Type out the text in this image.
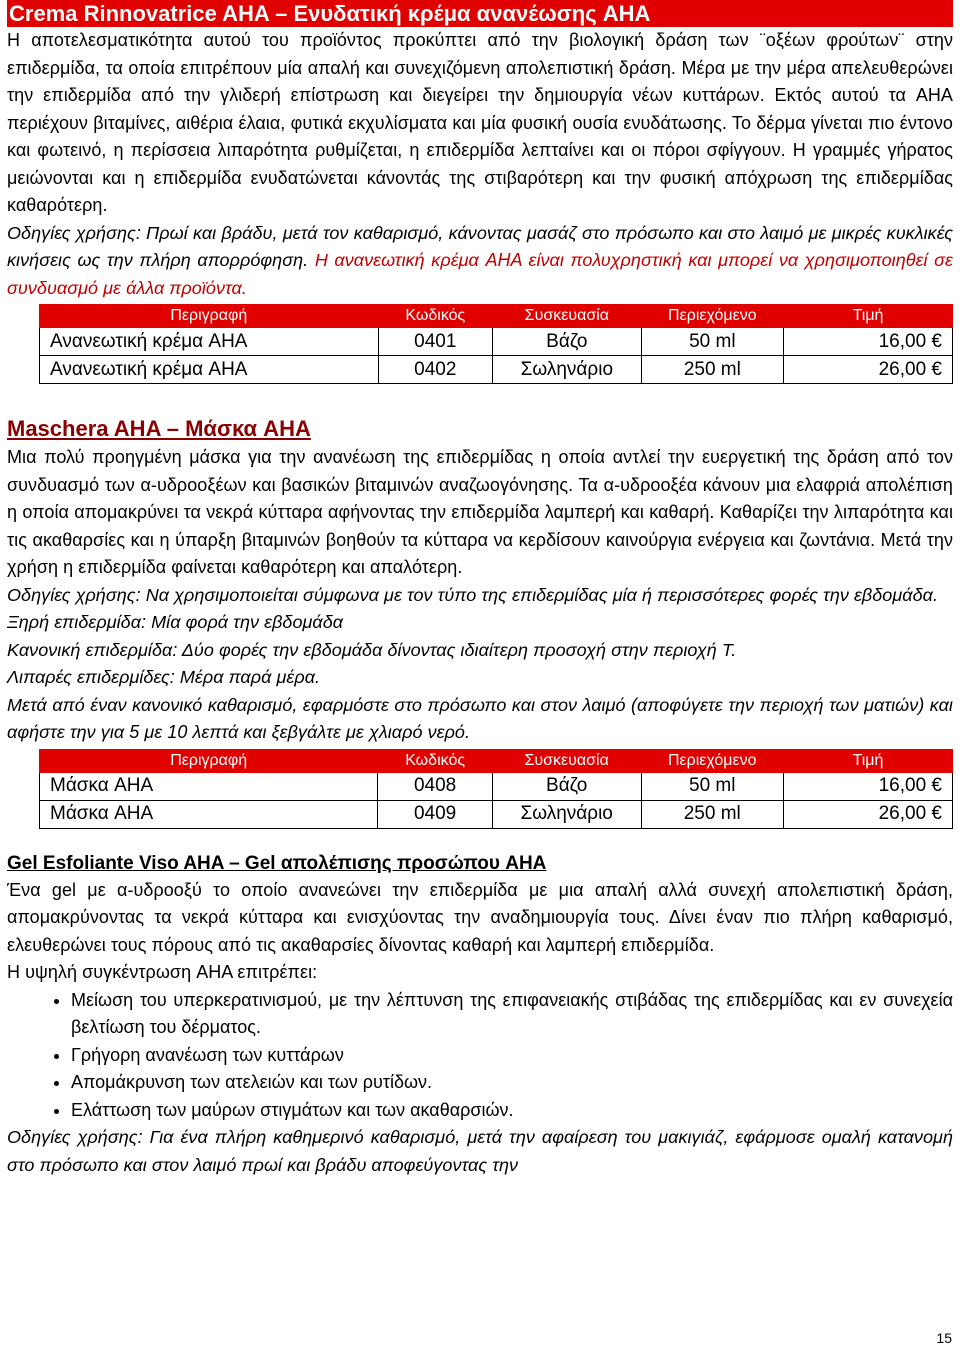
Crema Rinnovatrice AHA – Ενυδατική κρέμα ανανέωσης AHA

Η αποτελεσματικότητα αυτού του προϊόντος προκύπτει από την βιολογική δράση των ¨οξέων φρούτων¨ στην επιδερμίδα, τα οποία επιτρέπουν μία απαλή και συνεχιζόμενη απολεπιστική δράση. Μέρα με την μέρα απελευθερώνει την επιδερμίδα από την γλιδερή επίστρωση και διεγείρει την δημιουργία νέων κυττάρων. Εκτός αυτού τα AHA περιέχουν βιταμίνες, αιθέρια έλαια, φυτικά εκχυλίσματα και μία φυσική ουσία ενυδάτωσης. Το δέρμα γίνεται πιο έντονο και φωτεινό, η περίσσεια λιπαρότητα ρυθμίζεται, η επιδερμίδα λεπταίνει και οι πόροι σφίγγουν. Η γραμμές γήρατος μειώνονται και η επιδερμίδα ενυδατώνεται κάνοντάς της στιβαρότερη και την φυσική απόχρωση της επιδερμίδας καθαρότερη.

Οδηγίες χρήσης: Πρωί και βράδυ, μετά τον καθαρισμό, κάνοντας μασάζ στο πρόσωπο και στο λαιμό με μικρές κυκλικές κινήσεις ως την πλήρη απορρόφηση. Η ανανεωτική κρέμα AHA είναι πολυχρηστική και μπορεί να χρησιμοποιηθεί σε συνδυασμό με άλλα προϊόντα.

Περιγραφή	Κωδικός	Συσκευασία	Περιεχόμενο	Τιμή
Ανανεωτική κρέμα AHA	0401	Βάζο	50 ml	16,00 €
Ανανεωτική κρέμα AHA	0402	Σωληνάριο	250 ml	26,00 €

Maschera AHA – Μάσκα AHA

Μια πολύ προηγμένη μάσκα για την ανανέωση της επιδερμίδας η οποία αντλεί την ευεργετική της δράση από τον συνδυασμό των α-υδροοξέων και βασικών βιταμινών αναζωογόνησης. Τα α-υδροοξέα κάνουν μια ελαφριά απολέπιση η οποία απομακρύνει τα νεκρά κύτταρα αφήνοντας την επιδερμίδα λαμπερή και καθαρή. Καθαρίζει την λιπαρότητα και τις ακαθαρσίες και η ύπαρξη βιταμινών βοηθούν τα κύτταρα να κερδίσουν καινούργια ενέργεια και ζωντάνια. Μετά την χρήση η επιδερμίδα φαίνεται καθαρότερη και απαλότερη.

Οδηγίες χρήσης: Να χρησιμοποιείται σύμφωνα με τον τύπο της επιδερμίδας μία ή περισσότερες φορές την εβδομάδα.

Ξηρή επιδερμίδα: Μία φορά την εβδομάδα

Κανονική επιδερμίδα: Δύο φορές την εβδομάδα δίνοντας ιδιαίτερη προσοχή στην περιοχή Τ.

Λιπαρές επιδερμίδες: Μέρα παρά μέρα.

Μετά από έναν κανονικό καθαρισμό, εφαρμόστε στο πρόσωπο και στον λαιμό (αποφύγετε την περιοχή των ματιών) και αφήστε την για 5 με 10 λεπτά και ξεβγάλτε με χλιαρό νερό.

Περιγραφή	Κωδικός	Συσκευασία	Περιεχόμενο	Τιμή
Μάσκα AHA	0408	Βάζο	50 ml	16,00 €
Μάσκα AHA	0409	Σωληνάριο	250 ml	26,00 €

Gel Esfoliante Viso AHA – Gel απολέπισης προσώπου AHA

Ένα gel με α-υδροοξύ το οποίο ανανεώνει την επιδερμίδα με μια απαλή αλλά συνεχή απολεπιστική δράση, απομακρύνοντας τα νεκρά κύτταρα και ενισχύοντας την αναδημιουργία τους. Δίνει έναν πιο πλήρη καθαρισμό, ελευθερώνει τους πόρους από τις ακαθαρσίες δίνοντας καθαρή και λαμπερή επιδερμίδα.

Η υψηλή συγκέντρωση AHA επιτρέπει:

• Μείωση του υπερκερατινισμού, με την λέπτυνση της επιφανειακής στιβάδας της επιδερμίδας και εν συνεχεία βελτίωση του δέρματος.
• Γρήγορη ανανέωση των κυττάρων
• Απομάκρυνση των ατελειών και των ρυτίδων.
• Ελάττωση των μαύρων στιγμάτων και των ακαθαρσιών.

Οδηγίες χρήσης: Για ένα πλήρη καθημερινό καθαρισμό, μετά την αφαίρεση του μακιγιάζ, εφάρμοσε ομαλή κατανομή στο πρόσωπο και στον λαιμό πρωί και βράδυ αποφεύγοντας την

15
